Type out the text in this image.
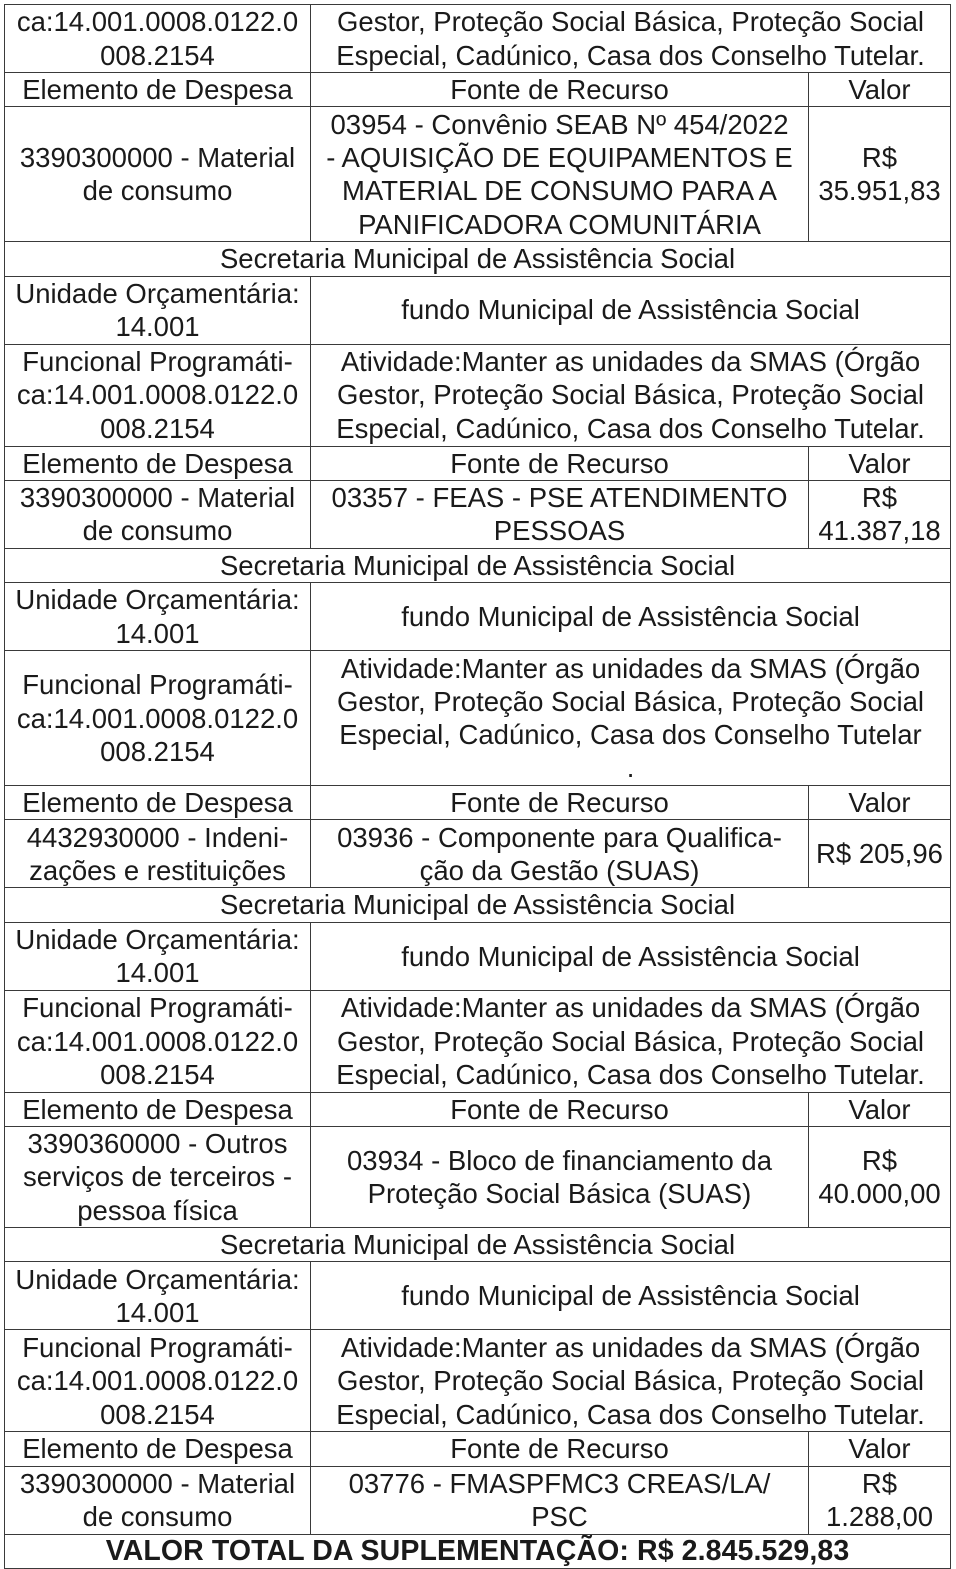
ca:14.001.0008.0122.0
008.2154	Gestor, Proteção Social Básica, Proteção Social
Especial, Cadúnico, Casa dos Conselho Tutelar.	

Elemento de Despesa	Fonte de Recurso	Valor

3390300000 - Material
de consumo	03954 - Convênio SEAB Nº 454/2022
- AQUISIÇÃO DE EQUIPAMENTOS E
MATERIAL DE CONSUMO PARA A
PANIFICADORA COMUNITÁRIA	R$
35.951,83

Secretaria Municipal de Assistência Social		

Unidade Orçamentária:
14.001	fundo Municipal de Assistência Social	

Funcional Programáti-
ca:14.001.0008.0122.0
008.2154	Atividade:Manter as unidades da SMAS (Órgão
Gestor, Proteção Social Básica, Proteção Social
Especial, Cadúnico, Casa dos Conselho Tutelar.	

Elemento de Despesa	Fonte de Recurso	Valor

3390300000 - Material
de consumo	03357 - FEAS - PSE ATENDIMENTO
PESSOAS	R$
41.387,18

Secretaria Municipal de Assistência Social		

Unidade Orçamentária:
14.001	fundo Municipal de Assistência Social	

Funcional Programáti-
ca:14.001.0008.0122.0
008.2154	Atividade:Manter as unidades da SMAS (Órgão
Gestor, Proteção Social Básica, Proteção Social
Especial, Cadúnico, Casa dos Conselho Tutelar
.	

Elemento de Despesa	Fonte de Recurso	Valor

4432930000 - Indeni-
zações e restituições	03936 - Componente para Qualifica-
ção da Gestão (SUAS)	R$ 205,96

Secretaria Municipal de Assistência Social		

Unidade Orçamentária:
14.001	fundo Municipal de Assistência Social	

Funcional Programáti-
ca:14.001.0008.0122.0
008.2154	Atividade:Manter as unidades da SMAS (Órgão
Gestor, Proteção Social Básica, Proteção Social
Especial, Cadúnico, Casa dos Conselho Tutelar.	

Elemento de Despesa	Fonte de Recurso	Valor

3390360000 - Outros
serviços de terceiros -
pessoa física	03934 - Bloco de financiamento da
Proteção Social Básica (SUAS)	R$
40.000,00

Secretaria Municipal de Assistência Social		

Unidade Orçamentária:
14.001	fundo Municipal de Assistência Social	

Funcional Programáti-
ca:14.001.0008.0122.0
008.2154	Atividade:Manter as unidades da SMAS (Órgão
Gestor, Proteção Social Básica, Proteção Social
Especial, Cadúnico, Casa dos Conselho Tutelar.	

Elemento de Despesa	Fonte de Recurso	Valor

3390300000 - Material
de consumo	03776 - FMASPFMC3 CREAS/LA/
PSC	R$
1.288,00

VALOR TOTAL DA SUPLEMENTAÇÃO: R$ 2.845.529,83		
